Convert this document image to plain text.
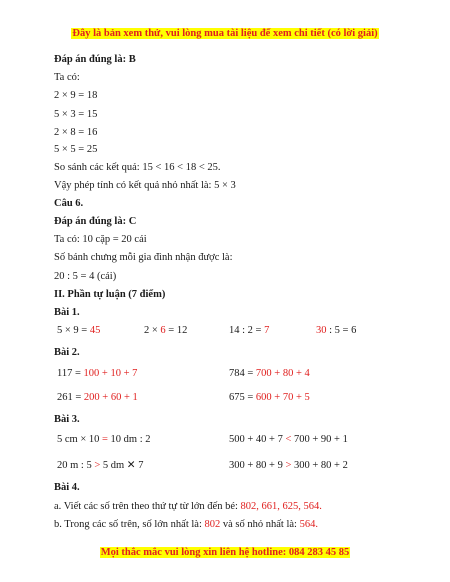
Đây là bản xem thử, vui lòng mua tài liệu để xem chi tiết (có lời giải)
Đáp án đúng là: B
Ta có:
2 × 9 = 18
5 × 3 = 15
2 × 8 = 16
5 × 5 = 25
So sánh các kết quả: 15 < 16 < 18 < 25.
Vậy phép tính có kết quả nhỏ nhất là: 5 × 3
Câu 6.
Đáp án đúng là: C
Ta có: 10 cặp = 20 cái
Số bánh chưng mỗi gia đình nhận được là:
20 : 5 = 4 (cái)
II. Phần tự luận (7 điểm)
Bài 1.
5 × 9 = 45	2 × 6 = 12	14 : 2 = 7	30 : 5 = 6
Bài 2.
117 = 100 + 10 + 7	784 = 700 + 80 + 4
261 = 200 + 60 + 1	675 = 600 + 70 + 5
Bài 3.
5 cm × 10 = 10 dm : 2	500 + 40 + 7 < 700 + 90 + 1
20 m : 5 > 5 dm ✕ 7	300 + 80 + 9 > 300 + 80 + 2
Bài 4.
a. Viết các số trên theo thứ tự từ lớn đến bé: 802, 661, 625, 564.
b. Trong các số trên, số lớn nhất là: 802 và số nhỏ nhất là: 564.
Mọi thắc mắc vui lòng xin liên hệ hotline: 084 283 45 85
